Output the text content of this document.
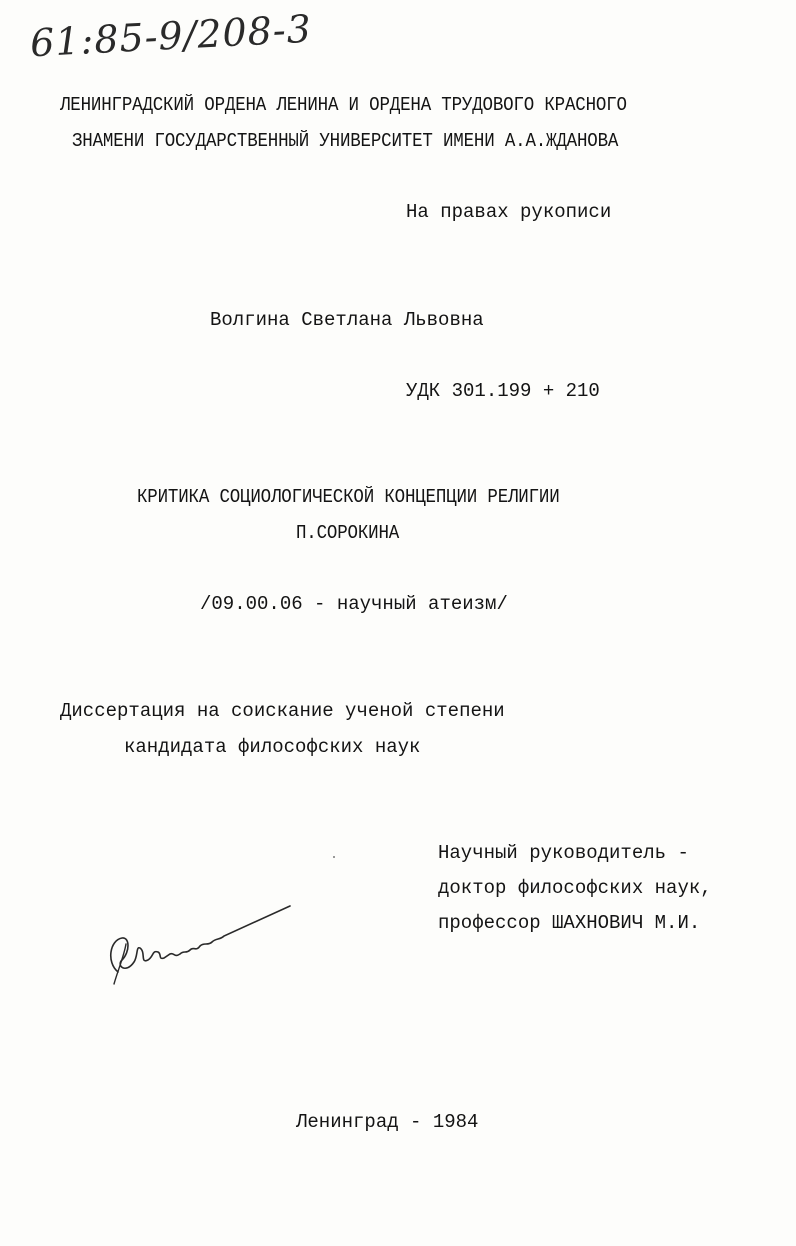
61:85-9/208-3
ЛЕНИНГРАДСКИЙ ОРДЕНА ЛЕНИНА И ОРДЕНА ТРУДОВОГО КРАСНОГО
ЗНАМЕНИ ГОСУДАРСТВЕННЫЙ УНИВЕРСИТЕТ ИМЕНИ А.А.ЖДАНОВА
На правах рукописи
Волгина Светлана Львовна
УДК 301.199 + 210
КРИТИКА СОЦИОЛОГИЧЕСКОЙ КОНЦЕПЦИИ РЕЛИГИИ
П.СОРОКИНА
/09.00.06 - научный атеизм/
Диссертация на соискание ученой степени
кандидата философских наук
Научный руководитель -
доктор философских наук,
профессор ШАХНОВИЧ М.И.
Ленинград - 1984
